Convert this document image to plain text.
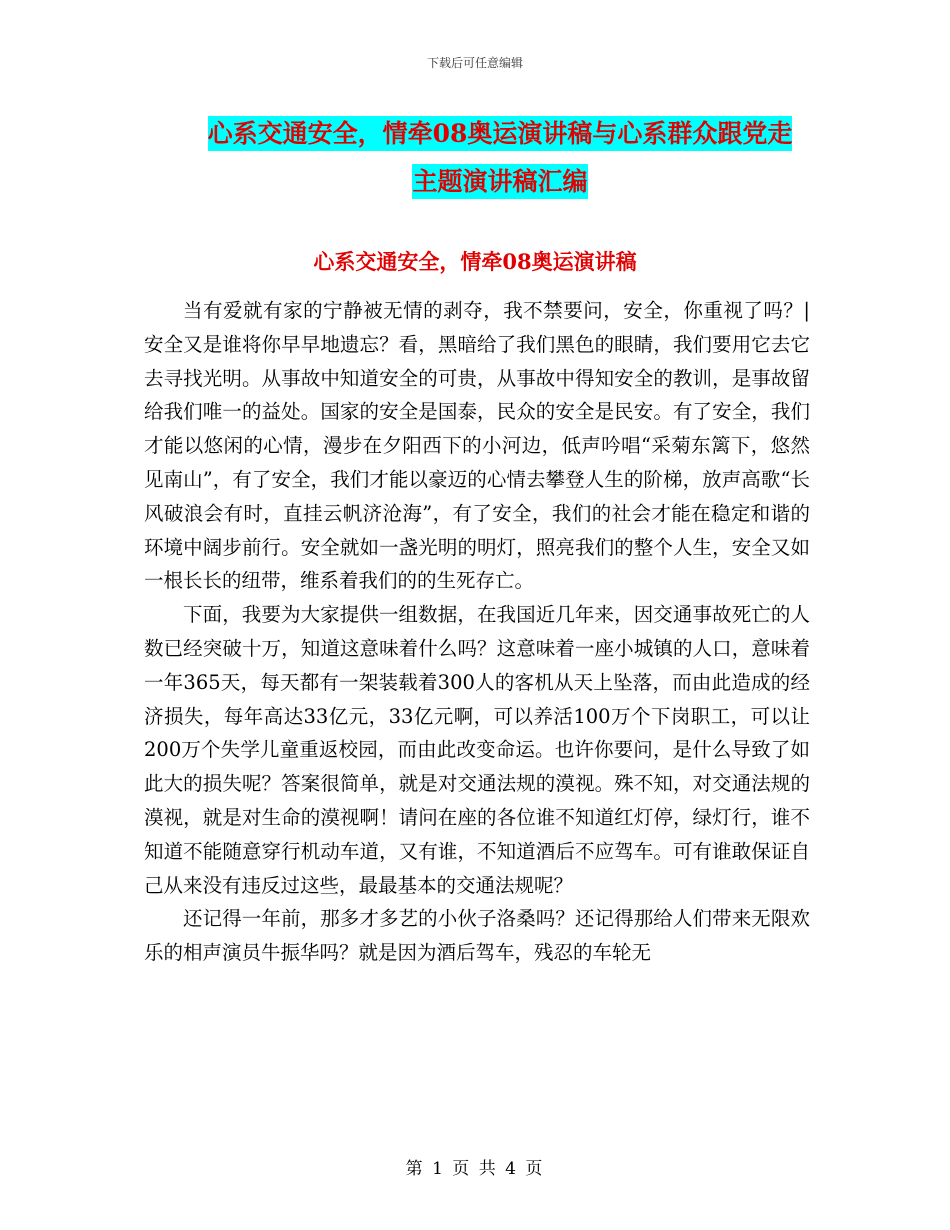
下载后可任意编辑
心系交通安全，情牵08奥运演讲稿与心系群众跟党走
主题演讲稿汇编
心系交通安全，情牵08奥运演讲稿

当有爱就有家的宁静被无情的剥夺，我不禁要问，安全，你重视了吗？|安全又是谁将你早早地遗忘？看，黑暗给了我们黑色的眼睛，我们要用它去它去寻找光明。从事故中知道安全的可贵，从事故中得知安全的教训，是事故留给我们唯一的益处。国家的安全是国泰，民众的安全是民安。有了安全，我们才能以悠闲的心情，漫步在夕阳西下的小河边，低声吟唱“采菊东篱下，悠然见南山”，有了安全，我们才能以豪迈的心情去攀登人生的阶梯，放声高歌“长风破浪会有时，直挂云帆济沧海”，有了安全，我们的社会才能在稳定和谐的环境中阔步前行。安全就如一盏光明的明灯，照亮我们的整个人生，安全又如一根长长的纽带，维系着我们的的生死存亡。

下面，我要为大家提供一组数据，在我国近几年来，因交通事故死亡的人数已经突破十万，知道这意味着什么吗？这意味着一座小城镇的人口，意味着一年365天，每天都有一架装载着300人的客机从天上坠落，而由此造成的经济损失，每年高达33亿元，33亿元啊，可以养活100万个下岗职工，可以让200万个失学儿童重返校园，而由此改变命运。也许你要问，是什么导致了如此大的损失呢？答案很简单，就是对交通法规的漠视。殊不知，对交通法规的漠视，就是对生命的漠视啊！请问在座的各位谁不知道红灯停，绿灯行，谁不知道不能随意穿行机动车道，又有谁，不知道酒后不应驾车。可有谁敢保证自己从来没有违反过这些，最最基本的交通法规呢？

还记得一年前，那多才多艺的小伙子洛桑吗？还记得那给人们带来无限欢乐的相声演员牛振华吗？就是因为酒后驾车，残忍的车轮无

第 1 页 共 4 页
